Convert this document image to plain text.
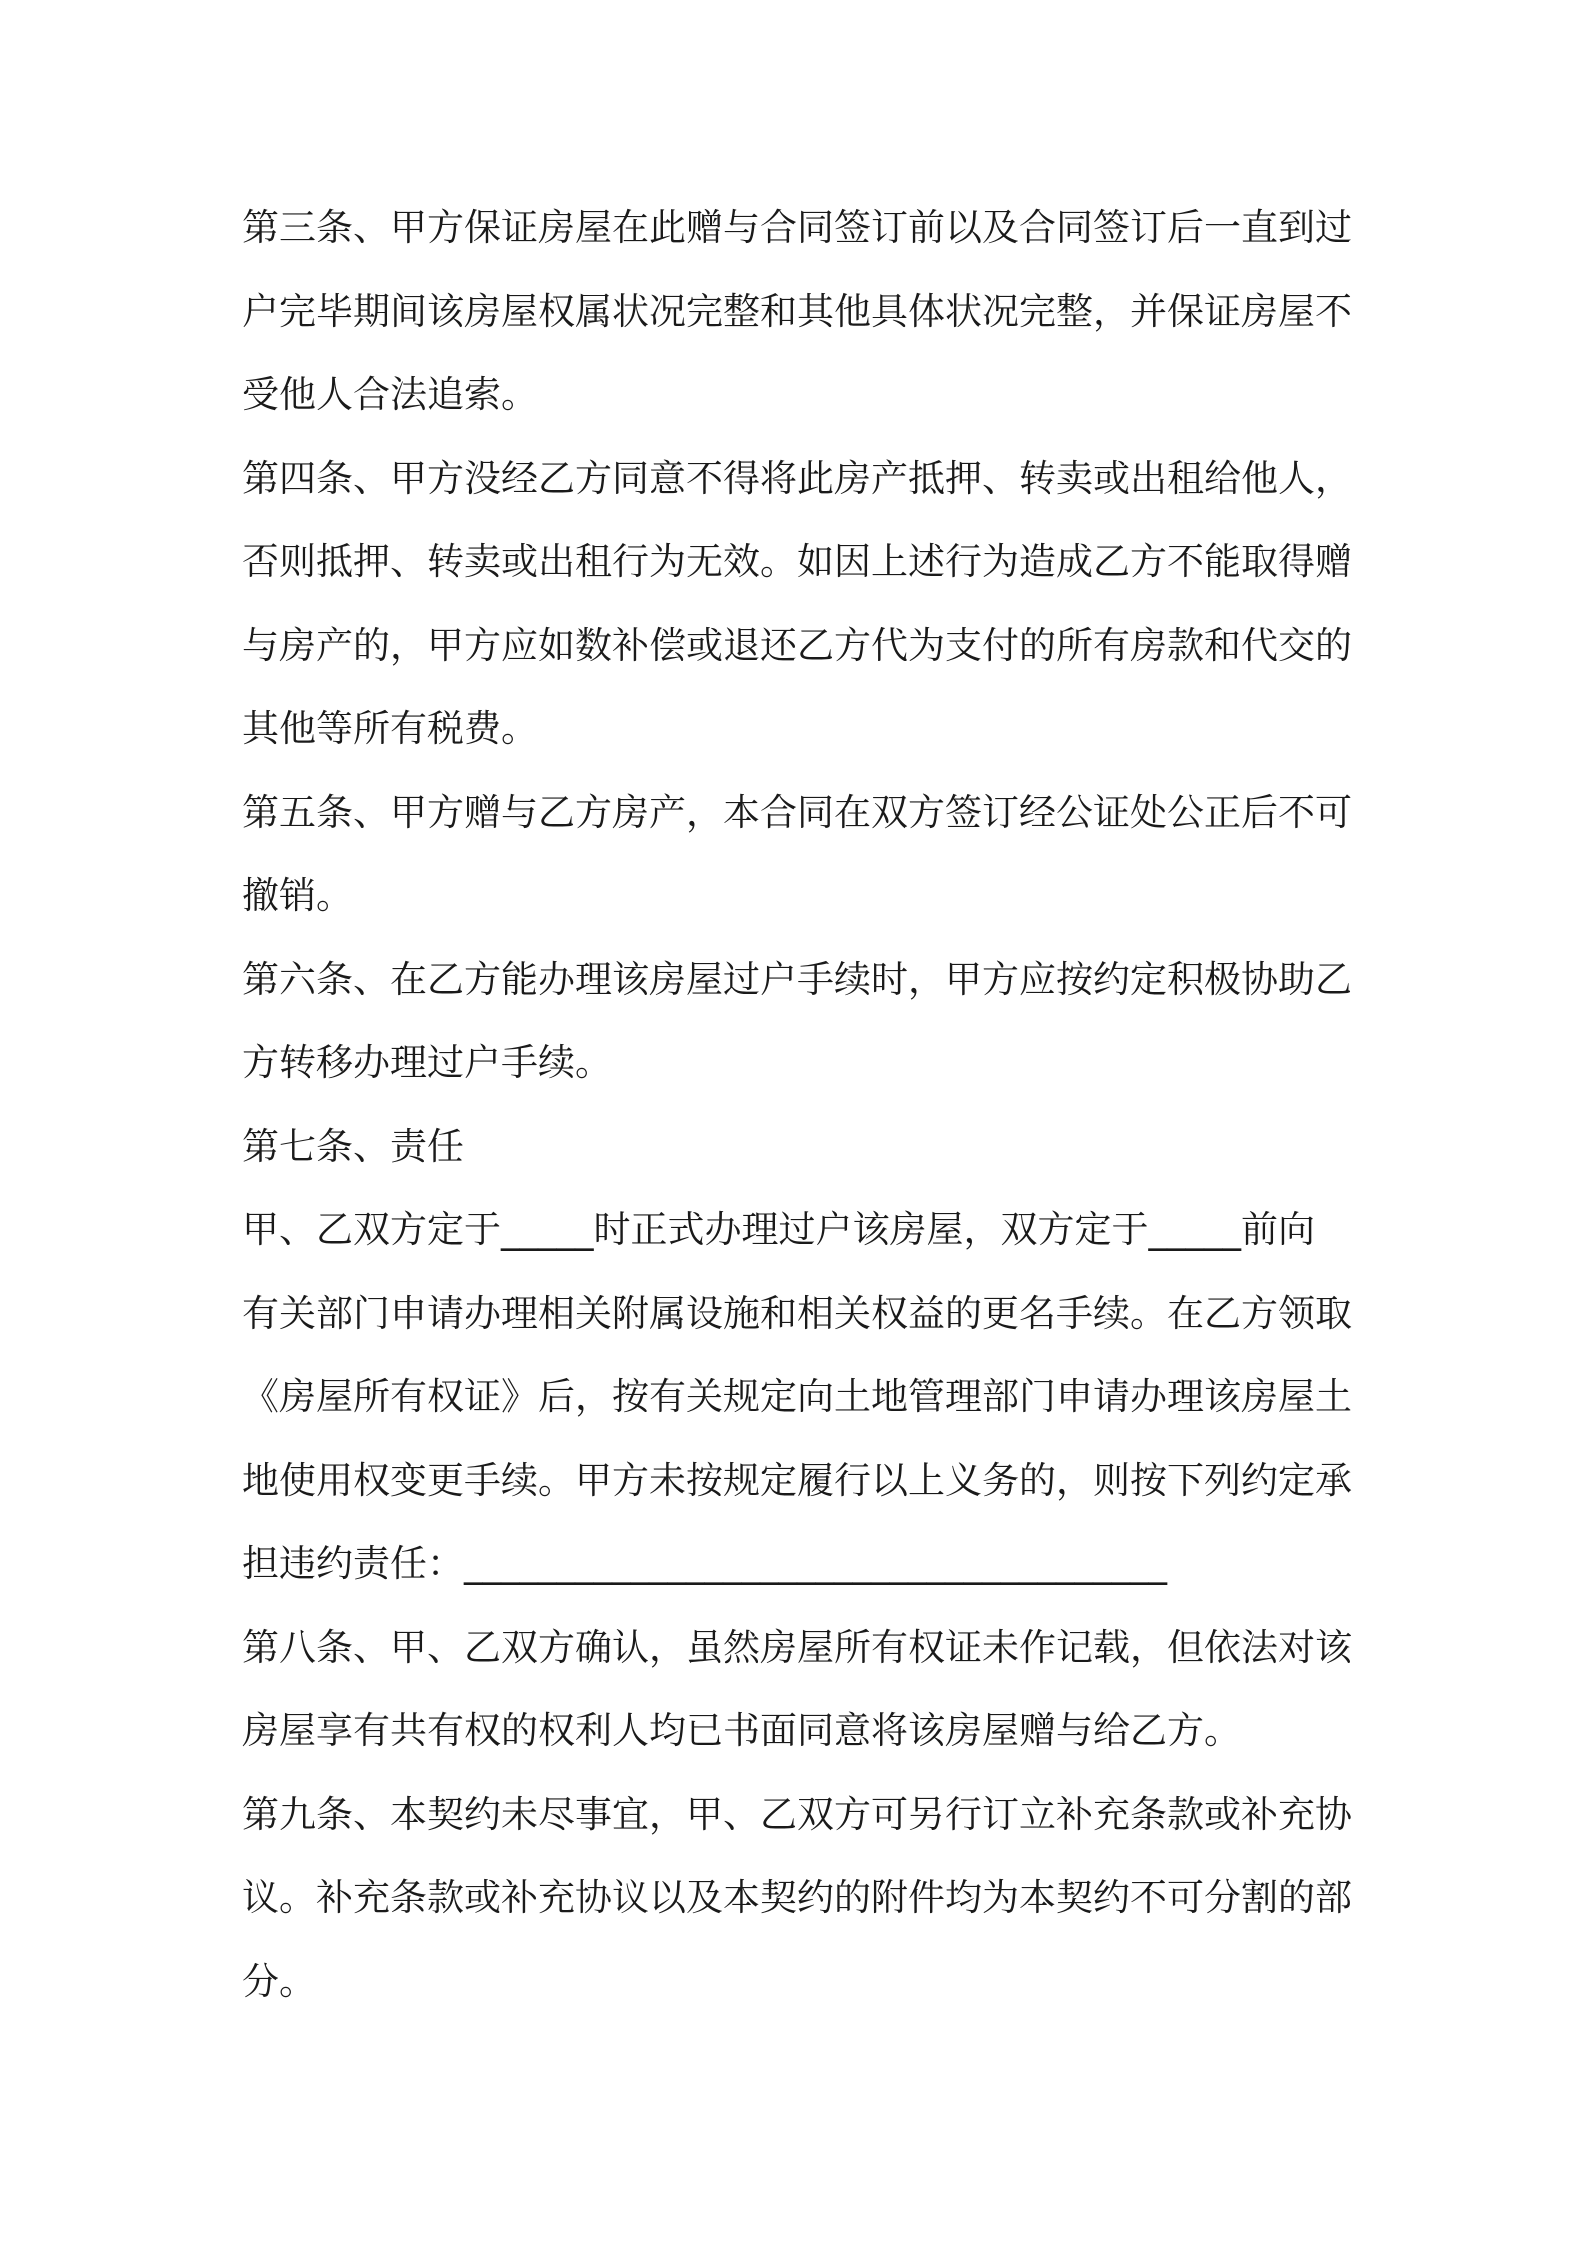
第三条、甲方保证房屋在此赠与合同签订前以及合同签订后一直到过
户完毕期间该房屋权属状况完整和其他具体状况完整，并保证房屋不
受他人合法追索。
第四条、甲方没经乙方同意不得将此房产抵押、转卖或出租给他人，
否则抵押、转卖或出租行为无效。如因上述行为造成乙方不能取得赠
与房产的，甲方应如数补偿或退还乙方代为支付的所有房款和代交的
其他等所有税费。
第五条、甲方赠与乙方房产，本合同在双方签订经公证处公正后不可
撤销。
第六条、在乙方能办理该房屋过户手续时，甲方应按约定积极协助乙
方转移办理过户手续。
第七条、责任
甲、乙双方定于_____时正式办理过户该房屋，双方定于_____前向
有关部门申请办理相关附属设施和相关权益的更名手续。在乙方领取
《房屋所有权证》后，按有关规定向土地管理部门申请办理该房屋土
地使用权变更手续。甲方未按规定履行以上义务的，则按下列约定承
担违约责任：______________________________________
第八条、甲、乙双方确认，虽然房屋所有权证未作记载，但依法对该
房屋享有共有权的权利人均已书面同意将该房屋赠与给乙方。
第九条、本契约未尽事宜，甲、乙双方可另行订立补充条款或补充协
议。补充条款或补充协议以及本契约的附件均为本契约不可分割的部
分。
